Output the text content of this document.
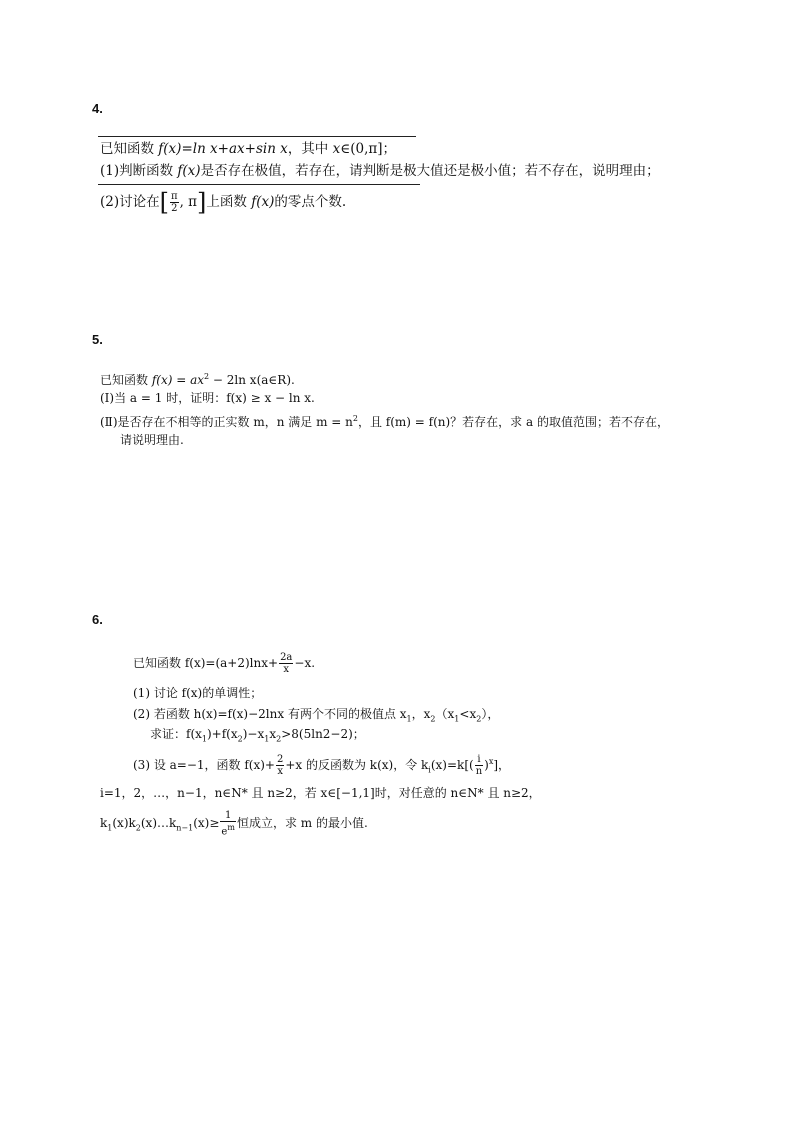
4.
已知函数 f(x)=ln x+ax+sin x，其中 x∈(0,π]；
(1)判断函数 f(x)是否存在极值，若存在，请判断是极大值还是极小值；若不存在，说明理由；
(2)讨论在[ $\frac{\pi}{2}$ , π]上函数 f(x)的零点个数.
5.
已知函数 $f(x) = ax^2 - 2\ln$ x(a∈R).
(Ⅰ)当 a = 1 时，证明：f(x) ≥ x − ln x.
(Ⅱ)是否存在不相等的正实数 m，n 满足 $m = n^2$，且 f(m) = f(n)？若存在，求 a 的取值范围；若不存在，
请说明理由.
6.
已知函数 $f(x)=(a+2)\ln x+ \frac{2a}{x} -x$.
(1) 讨论 f(x)的单调性；
(2) 若函数 h(x)=f(x)−2lnx 有两个不同的极值点 $x_1$，$x_2(x_1<x_2)$，
求证：$f(x_1)+f(x_2)-x_1x_2>8(5\ln 2-2)$；
(3) 设 a=−1，函数 $f(x)+ \frac{2}{x} +x$ 的反函数为 k(x)，令 $k_i(x)=k[( \frac{i}{n} )^x]$，
i=1，2，…，n−1，n∈N* 且 n≥2，若 x∈[−1,1]时，对任意的 n∈N* 且 n≥2，
$k_1(x)k_2(x)\dots k_{n-1}(x)\ge \frac{1}{e^m}$ 恒成立，求 m 的最小值.
